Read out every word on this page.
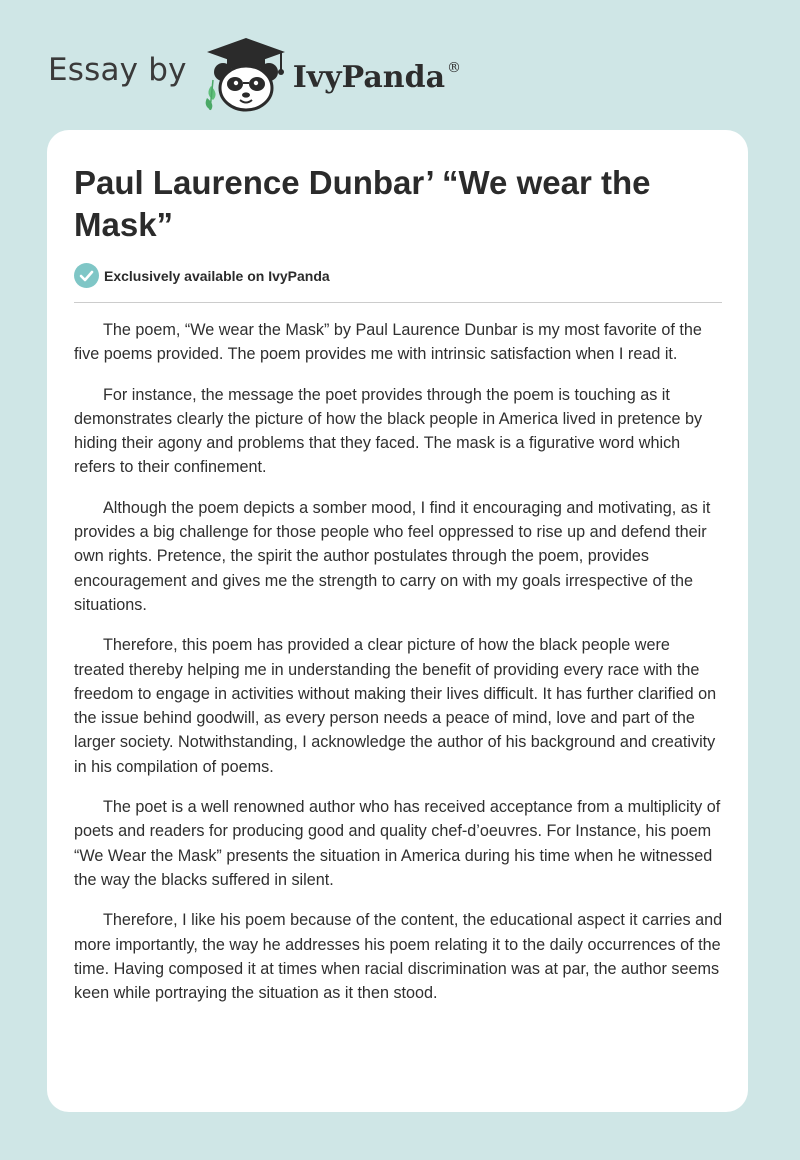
Essay by	IvyPanda ®
Paul Laurence Dunbar’ “We wear the Mask”
Exclusively available on IvyPanda

The poem, “We wear the Mask” by Paul Laurence Dunbar is my most favorite of the five poems provided. The poem provides me with intrinsic satisfaction when I read it.

For instance, the message the poet provides through the poem is touching as it demonstrates clearly the picture of how the black people in America lived in pretence by hiding their agony and problems that they faced. The mask is a figurative word which refers to their confinement.

Although the poem depicts a somber mood, I find it encouraging and motivating, as it provides a big challenge for those people who feel oppressed to rise up and defend their own rights. Pretence, the spirit the author postulates through the poem, provides encouragement and gives me the strength to carry on with my goals irrespective of the situations.

Therefore, this poem has provided a clear picture of how the black people were treated thereby helping me in understanding the benefit of providing every race with the freedom to engage in activities without making their lives difficult. It has further clarified on the issue behind goodwill, as every person needs a peace of mind, love and part of the larger society. Notwithstanding, I acknowledge the author of his background and creativity in his compilation of poems.

The poet is a well renowned author who has received acceptance from a multiplicity of poets and readers for producing good and quality chef-d’oeuvres. For Instance, his poem “We Wear the Mask” presents the situation in America during his time when he witnessed the way the blacks suffered in silent.

Therefore, I like his poem because of the content, the educational aspect it carries and more importantly, the way he addresses his poem relating it to the daily occurrences of the time. Having composed it at times when racial discrimination was at par, the author seems keen while portraying the situation as it then stood.
